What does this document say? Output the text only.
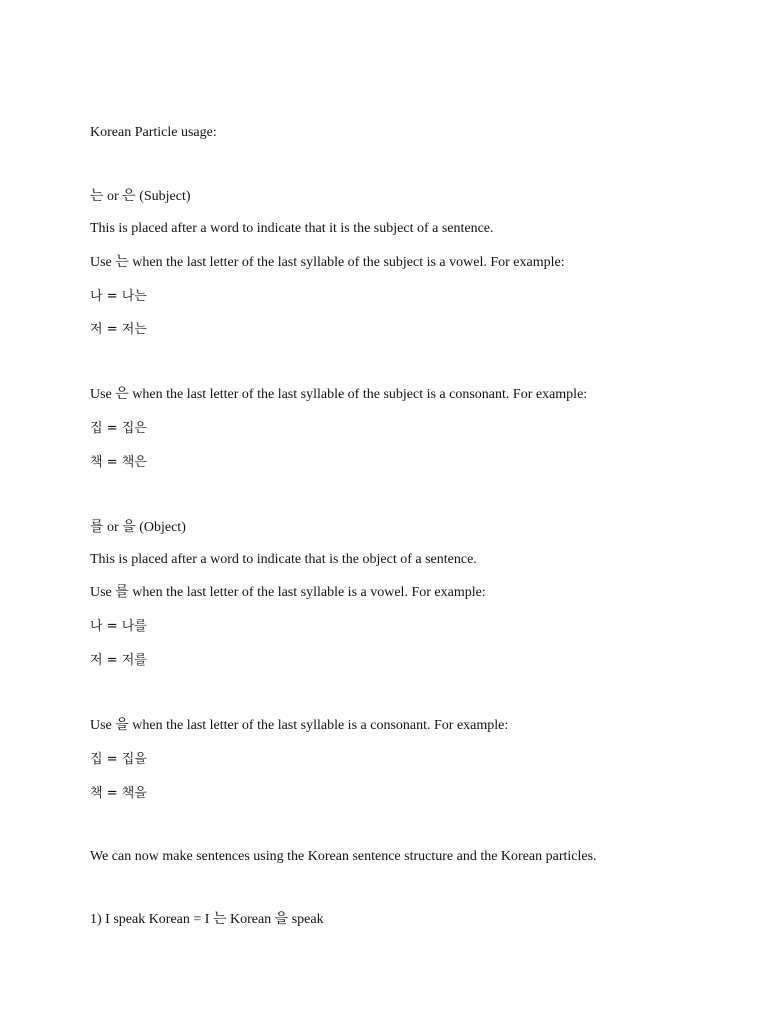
Korean Particle usage:
는 or 은 (Subject)
This is placed after a word to indicate that it is the subject of a sentence.
Use 는 when the last letter of the last syllable of the subject is a vowel. For example:
나 = 나는
저 = 저는
Use 은 when the last letter of the last syllable of the subject is a consonant. For example:
집 = 집은
책 = 책은
를 or 을 (Object)
This is placed after a word to indicate that is the object of a sentence.
Use 를 when the last letter of the last syllable is a vowel. For example:
나 = 나를
저 = 저를
Use 을 when the last letter of the last syllable is a consonant. For example:
집 = 집을
책 = 책을
We can now make sentences using the Korean sentence structure and the Korean particles.
1) I speak Korean = I 는 Korean 을 speak
